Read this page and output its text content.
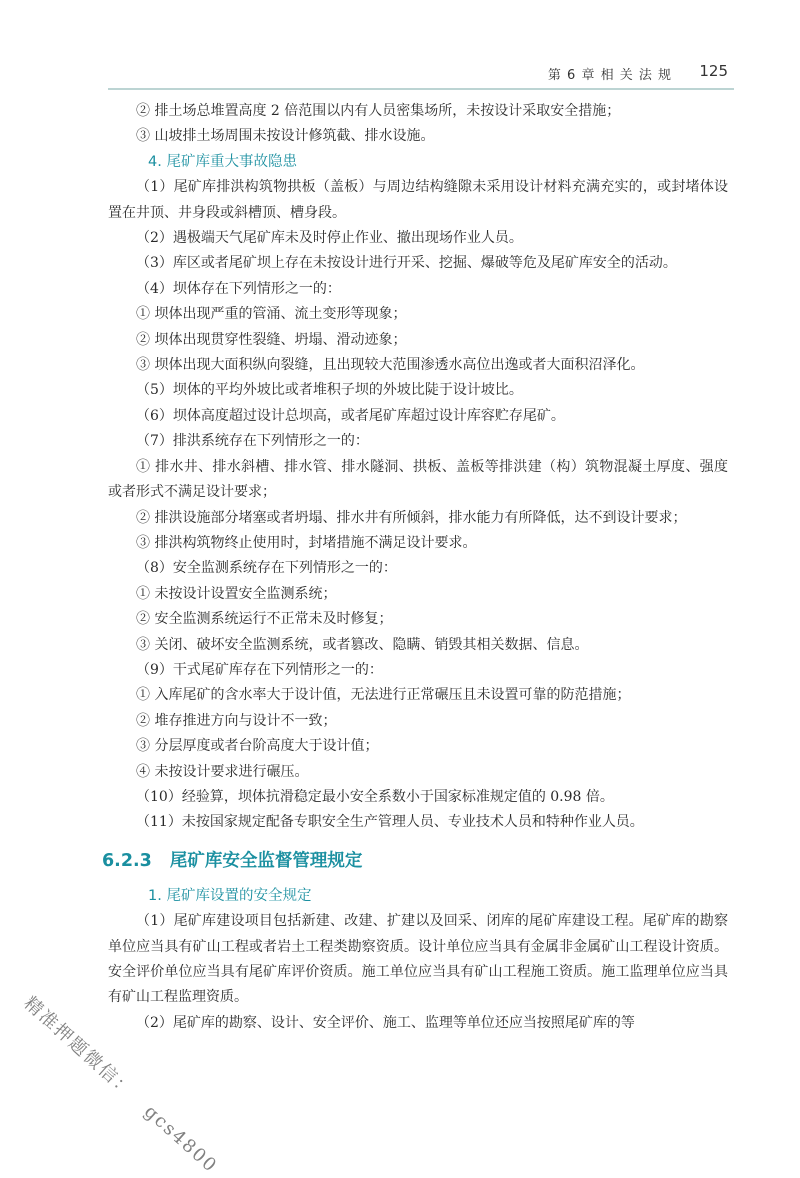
第 6 章 相 关 法 规 125

② 排土场总堆置高度 2 倍范围以内有人员密集场所，未按设计采取安全措施；

③ 山坡排土场周围未按设计修筑截、排水设施。

4. 尾矿库重大事故隐患

（1）尾矿库排洪构筑物拱板（盖板）与周边结构缝隙未采用设计材料充满充实的，或封堵体设置在井顶、井身段或斜槽顶、槽身段。

（2）遇极端天气尾矿库未及时停止作业、撤出现场作业人员。

（3）库区或者尾矿坝上存在未按设计进行开采、挖掘、爆破等危及尾矿库安全的活动。

（4）坝体存在下列情形之一的：

① 坝体出现严重的管涌、流土变形等现象；

② 坝体出现贯穿性裂缝、坍塌、滑动迹象；

③ 坝体出现大面积纵向裂缝，且出现较大范围渗透水高位出逸或者大面积沼泽化。

（5）坝体的平均外坡比或者堆积子坝的外坡比陡于设计坡比。

（6）坝体高度超过设计总坝高，或者尾矿库超过设计库容贮存尾矿。

（7）排洪系统存在下列情形之一的：

① 排水井、排水斜槽、排水管、排水隧洞、拱板、盖板等排洪建（构）筑物混凝土厚度、强度或者形式不满足设计要求；

② 排洪设施部分堵塞或者坍塌、排水井有所倾斜，排水能力有所降低，达不到设计要求；

③ 排洪构筑物终止使用时，封堵措施不满足设计要求。

（8）安全监测系统存在下列情形之一的：

① 未按设计设置安全监测系统；

② 安全监测系统运行不正常未及时修复；

③ 关闭、破坏安全监测系统，或者篡改、隐瞒、销毁其相关数据、信息。

（9）干式尾矿库存在下列情形之一的：

① 入库尾矿的含水率大于设计值，无法进行正常碾压且未设置可靠的防范措施；

② 堆存推进方向与设计不一致；

③ 分层厚度或者台阶高度大于设计值；

④ 未按设计要求进行碾压。

（10）经验算，坝体抗滑稳定最小安全系数小于国家标准规定值的 0.98 倍。

（11）未按国家规定配备专职安全生产管理人员、专业技术人员和特种作业人员。

6.2.3 尾矿库安全监督管理规定

1. 尾矿库设置的安全规定

（1）尾矿库建设项目包括新建、改建、扩建以及回采、闭库的尾矿库建设工程。尾矿库的勘察单位应当具有矿山工程或者岩土工程类勘察资质。设计单位应当具有金属非金属矿山工程设计资质。安全评价单位应当具有尾矿库评价资质。施工单位应当具有矿山工程施工资质。施工监理单位应当具有矿山工程监理资质。

（2）尾矿库的勘察、设计、安全评价、施工、监理等单位还应当按照尾矿库的等

精准押题微信：gcs4800
